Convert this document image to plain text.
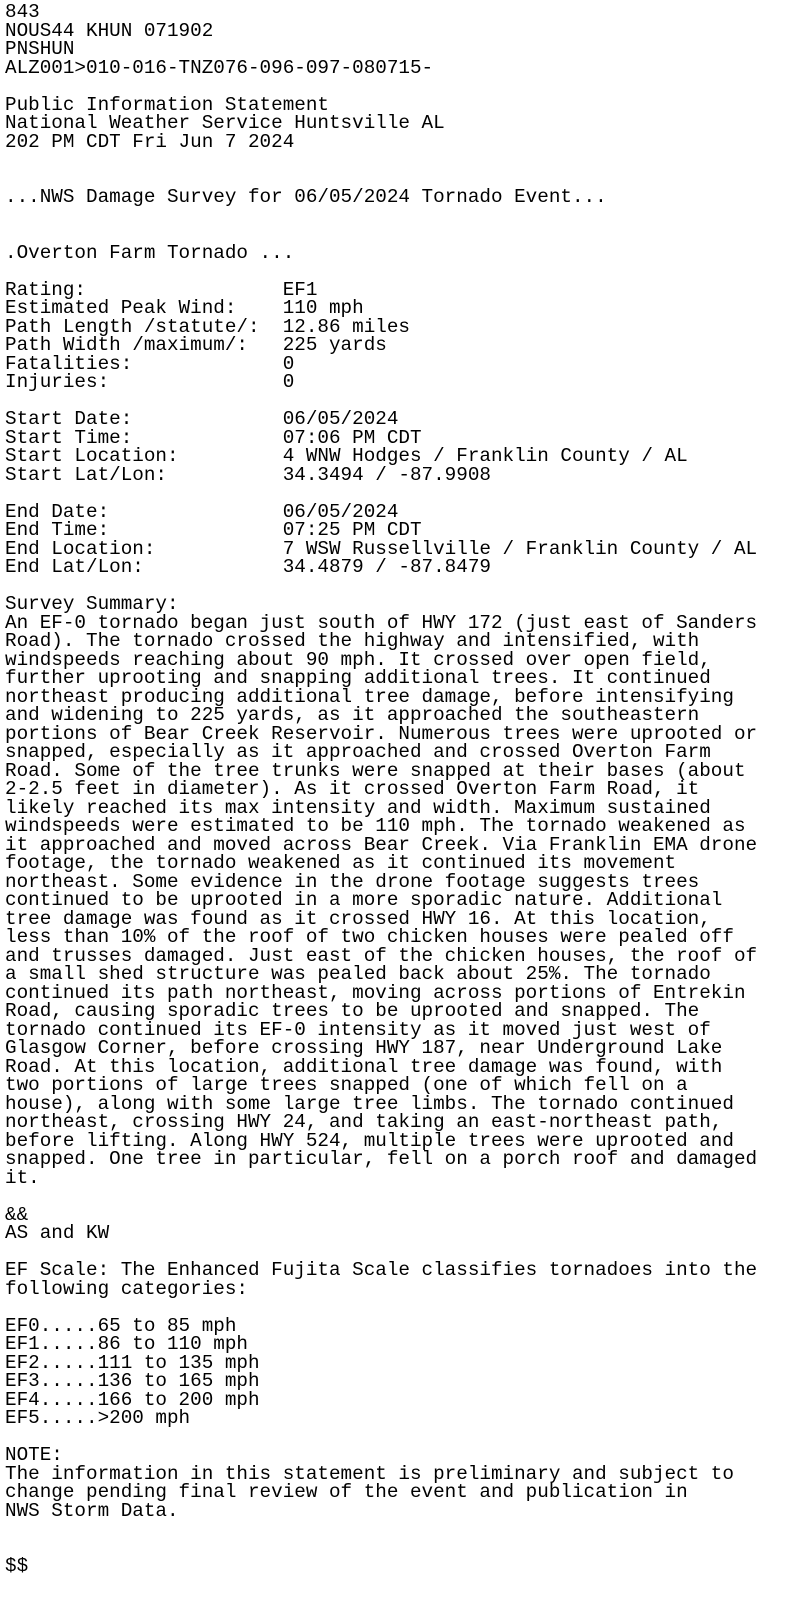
843
NOUS44 KHUN 071902
PNSHUN
ALZ001>010-016-TNZ076-096-097-080715-

Public Information Statement
National Weather Service Huntsville AL
202 PM CDT Fri Jun 7 2024

...NWS Damage Survey for 06/05/2024 Tornado Event...

.Overton Farm Tornado ...

Rating:                 EF1
Estimated Peak Wind:    110 mph
Path Length /statute/:  12.86 miles
Path Width /maximum/:   225 yards
Fatalities:             0
Injuries:               0

Start Date:             06/05/2024
Start Time:             07:06 PM CDT
Start Location:         4 WNW Hodges / Franklin County / AL
Start Lat/Lon:          34.3494 / -87.9908

End Date:               06/05/2024
End Time:               07:25 PM CDT
End Location:           7 WSW Russellville / Franklin County / AL
End Lat/Lon:            34.4879 / -87.8479

Survey Summary:
An EF-0 tornado began just south of HWY 172 (just east of Sanders
Road). The tornado crossed the highway and intensified, with
windspeeds reaching about 90 mph. It crossed over open field,
further uprooting and snapping additional trees. It continued
northeast producing additional tree damage, before intensifying
and widening to 225 yards, as it approached the southeastern
portions of Bear Creek Reservoir. Numerous trees were uprooted or
snapped, especially as it approached and crossed Overton Farm
Road. Some of the tree trunks were snapped at their bases (about
2-2.5 feet in diameter). As it crossed Overton Farm Road, it
likely reached its max intensity and width. Maximum sustained
windspeeds were estimated to be 110 mph. The tornado weakened as
it approached and moved across Bear Creek. Via Franklin EMA drone
footage, the tornado weakened as it continued its movement
northeast. Some evidence in the drone footage suggests trees
continued to be uprooted in a more sporadic nature. Additional
tree damage was found as it crossed HWY 16. At this location,
less than 10% of the roof of two chicken houses were pealed off
and trusses damaged. Just east of the chicken houses, the roof of
a small shed structure was pealed back about 25%. The tornado
continued its path northeast, moving across portions of Entrekin
Road, causing sporadic trees to be uprooted and snapped. The
tornado continued its EF-0 intensity as it moved just west of
Glasgow Corner, before crossing HWY 187, near Underground Lake
Road. At this location, additional tree damage was found, with
two portions of large trees snapped (one of which fell on a
house), along with some large tree limbs. The tornado continued
northeast, crossing HWY 24, and taking an east-northeast path,
before lifting. Along HWY 524, multiple trees were uprooted and
snapped. One tree in particular, fell on a porch roof and damaged
it.

&&
AS and KW

EF Scale: The Enhanced Fujita Scale classifies tornadoes into the
following categories:

EF0.....65 to 85 mph
EF1.....86 to 110 mph
EF2.....111 to 135 mph
EF3.....136 to 165 mph
EF4.....166 to 200 mph
EF5.....>200 mph

NOTE:
The information in this statement is preliminary and subject to
change pending final review of the event and publication in
NWS Storm Data.

$$
